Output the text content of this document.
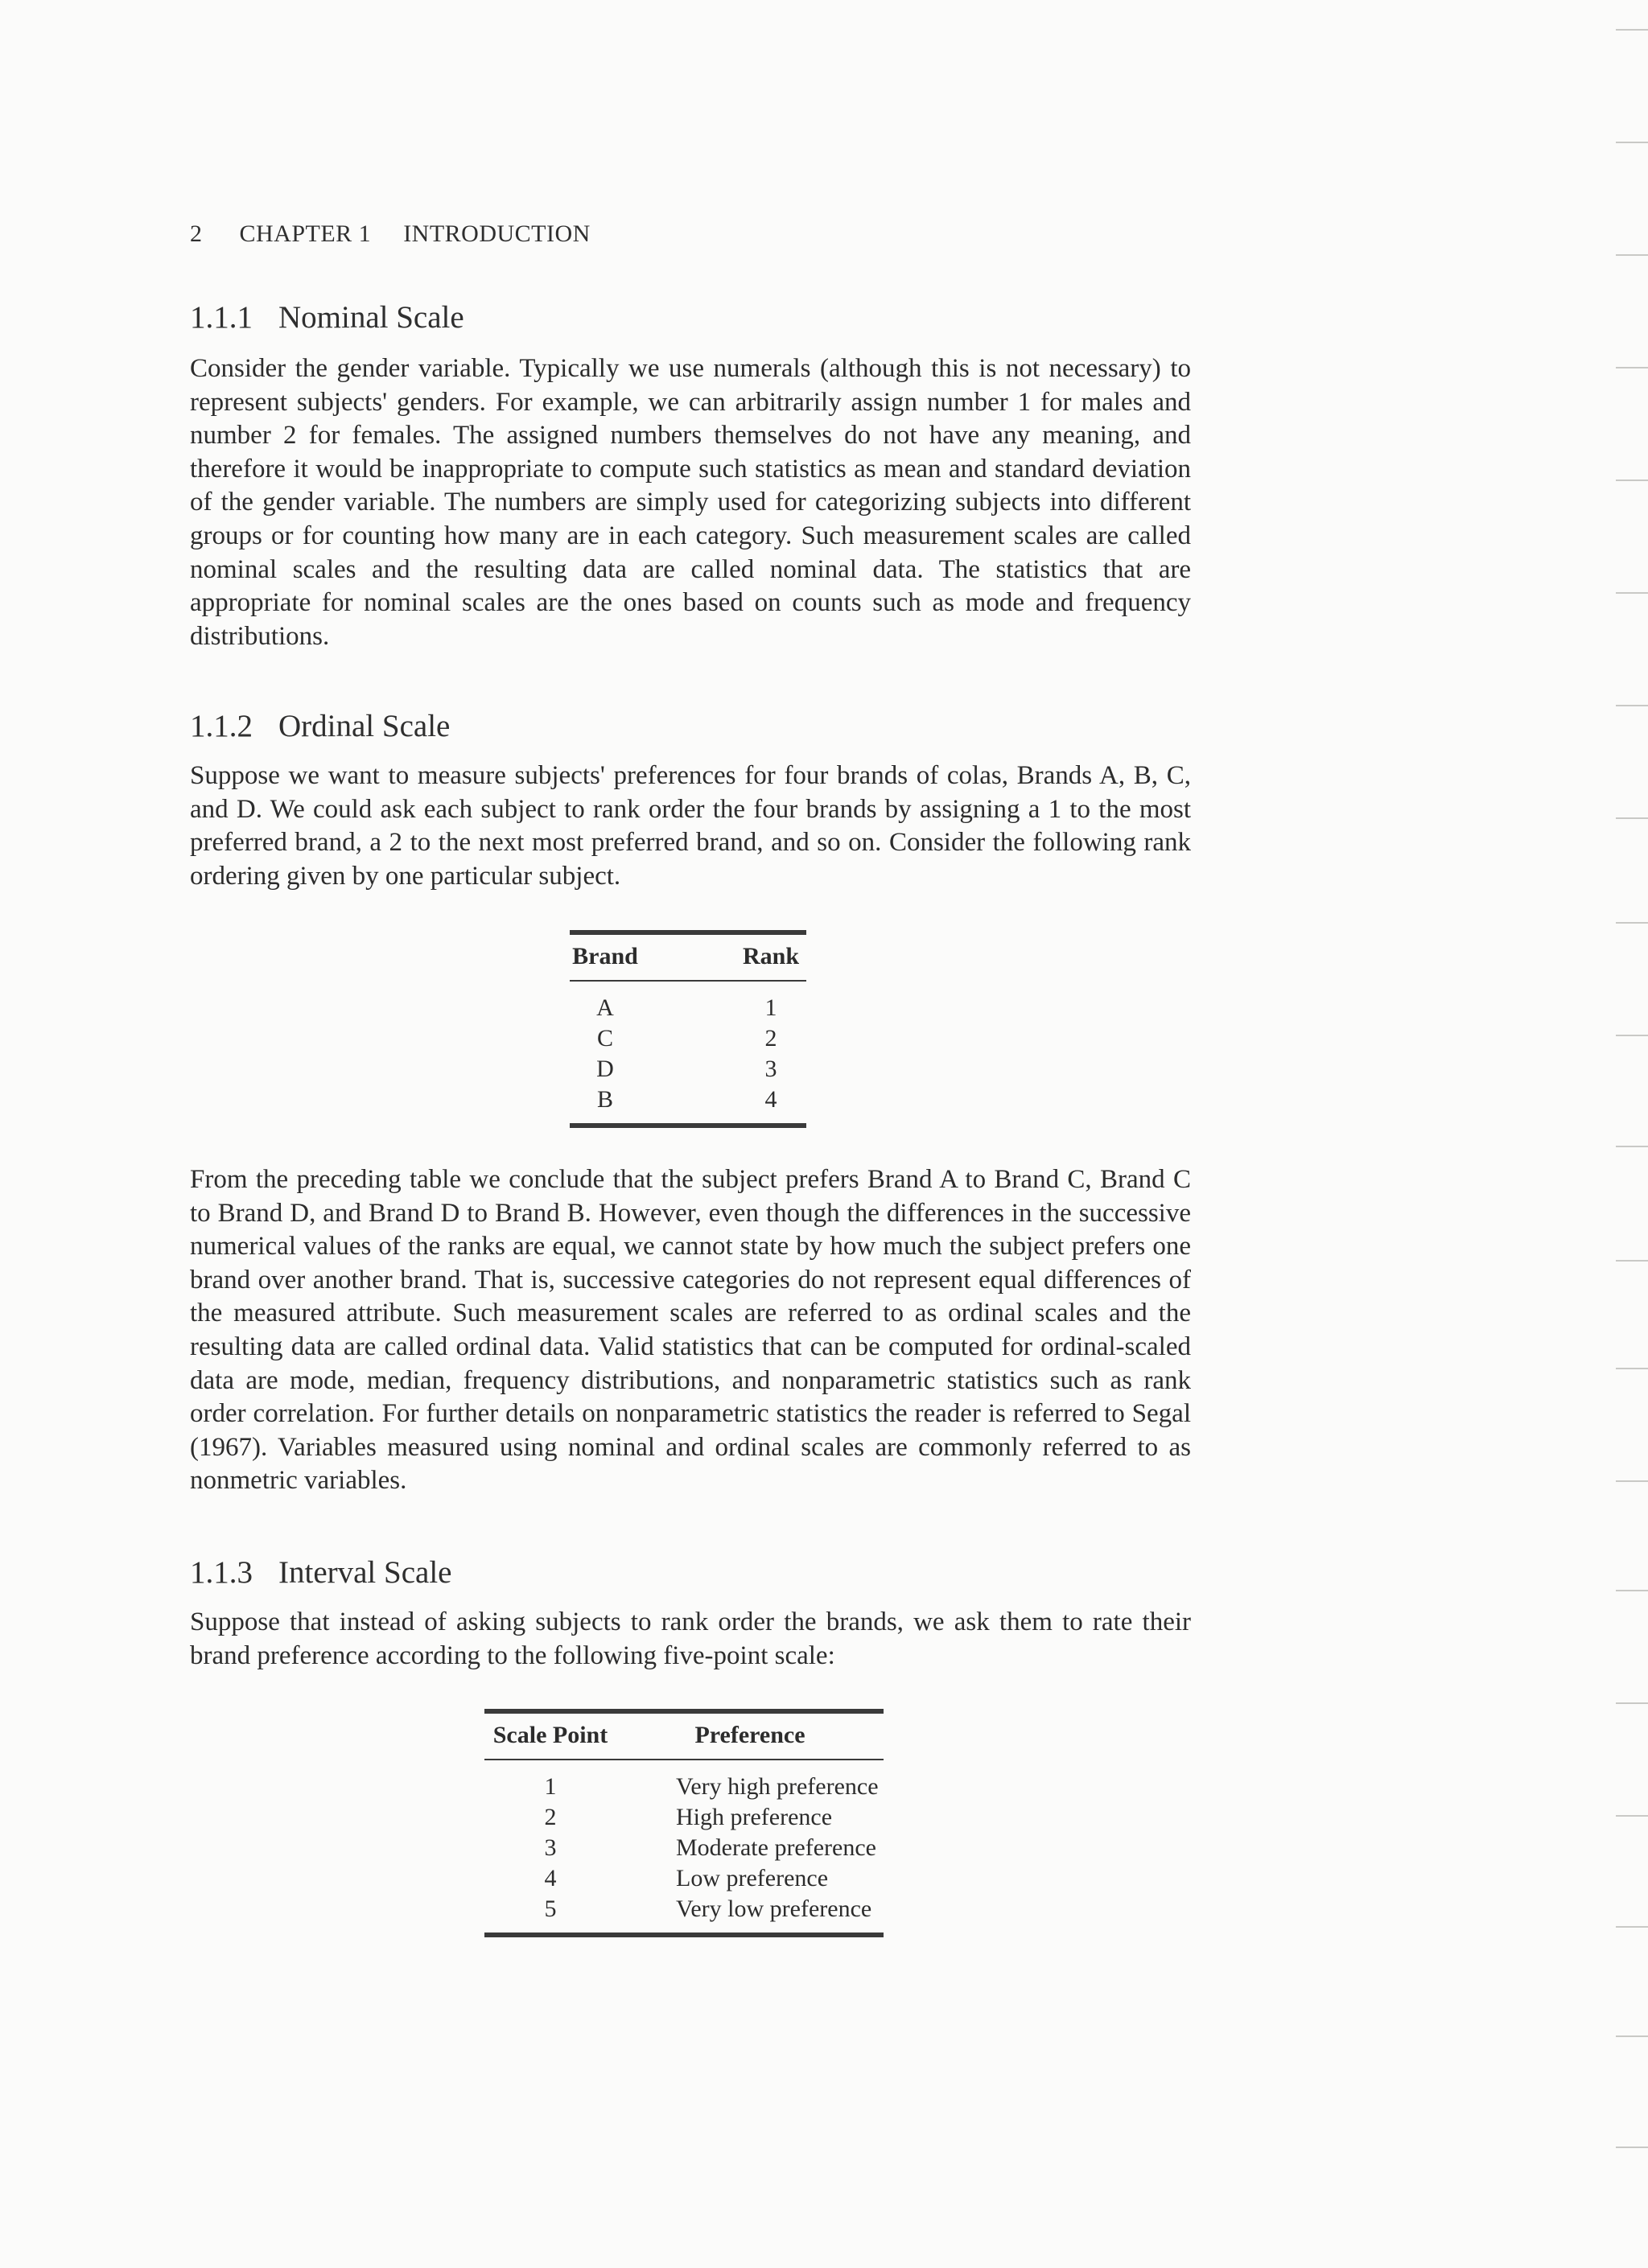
2 CHAPTER 1 INTRODUCTION
1.1.1 Nominal Scale

Consider the gender variable. Typically we use numerals (although this is not necessary) to represent subjects' genders. For example, we can arbitrarily assign number 1 for males and number 2 for females. The assigned numbers themselves do not have any meaning, and therefore it would be inappropriate to compute such statistics as mean and standard deviation of the gender variable. The numbers are simply used for categorizing subjects into different groups or for counting how many are in each category. Such measurement scales are called nominal scales and the resulting data are called nominal data. The statistics that are appropriate for nominal scales are the ones based on counts such as mode and frequency distributions.

1.1.2 Ordinal Scale

Suppose we want to measure subjects' preferences for four brands of colas, Brands A, B, C, and D. We could ask each subject to rank order the four brands by assigning a 1 to the most preferred brand, a 2 to the next most preferred brand, and so on. Consider the following rank ordering given by one particular subject.

Brand		Rank
A		1
C		2
D		3
B		4

From the preceding table we conclude that the subject prefers Brand A to Brand C, Brand C to Brand D, and Brand D to Brand B. However, even though the differences in the successive numerical values of the ranks are equal, we cannot state by how much the subject prefers one brand over another brand. That is, successive categories do not represent equal differences of the measured attribute. Such measurement scales are referred to as ordinal scales and the resulting data are called ordinal data. Valid statistics that can be computed for ordinal-scaled data are mode, median, frequency distributions, and nonparametric statistics such as rank order correlation. For further details on nonparametric statistics the reader is referred to Segal (1967). Variables measured using nominal and ordinal scales are commonly referred to as nonmetric variables.

1.1.3 Interval Scale

Suppose that instead of asking subjects to rank order the brands, we ask them to rate their brand preference according to the following five-point scale:

Scale Point	Preference
1	Very high preference
2	High preference
3	Moderate preference
4	Low preference
5	Very low preference
